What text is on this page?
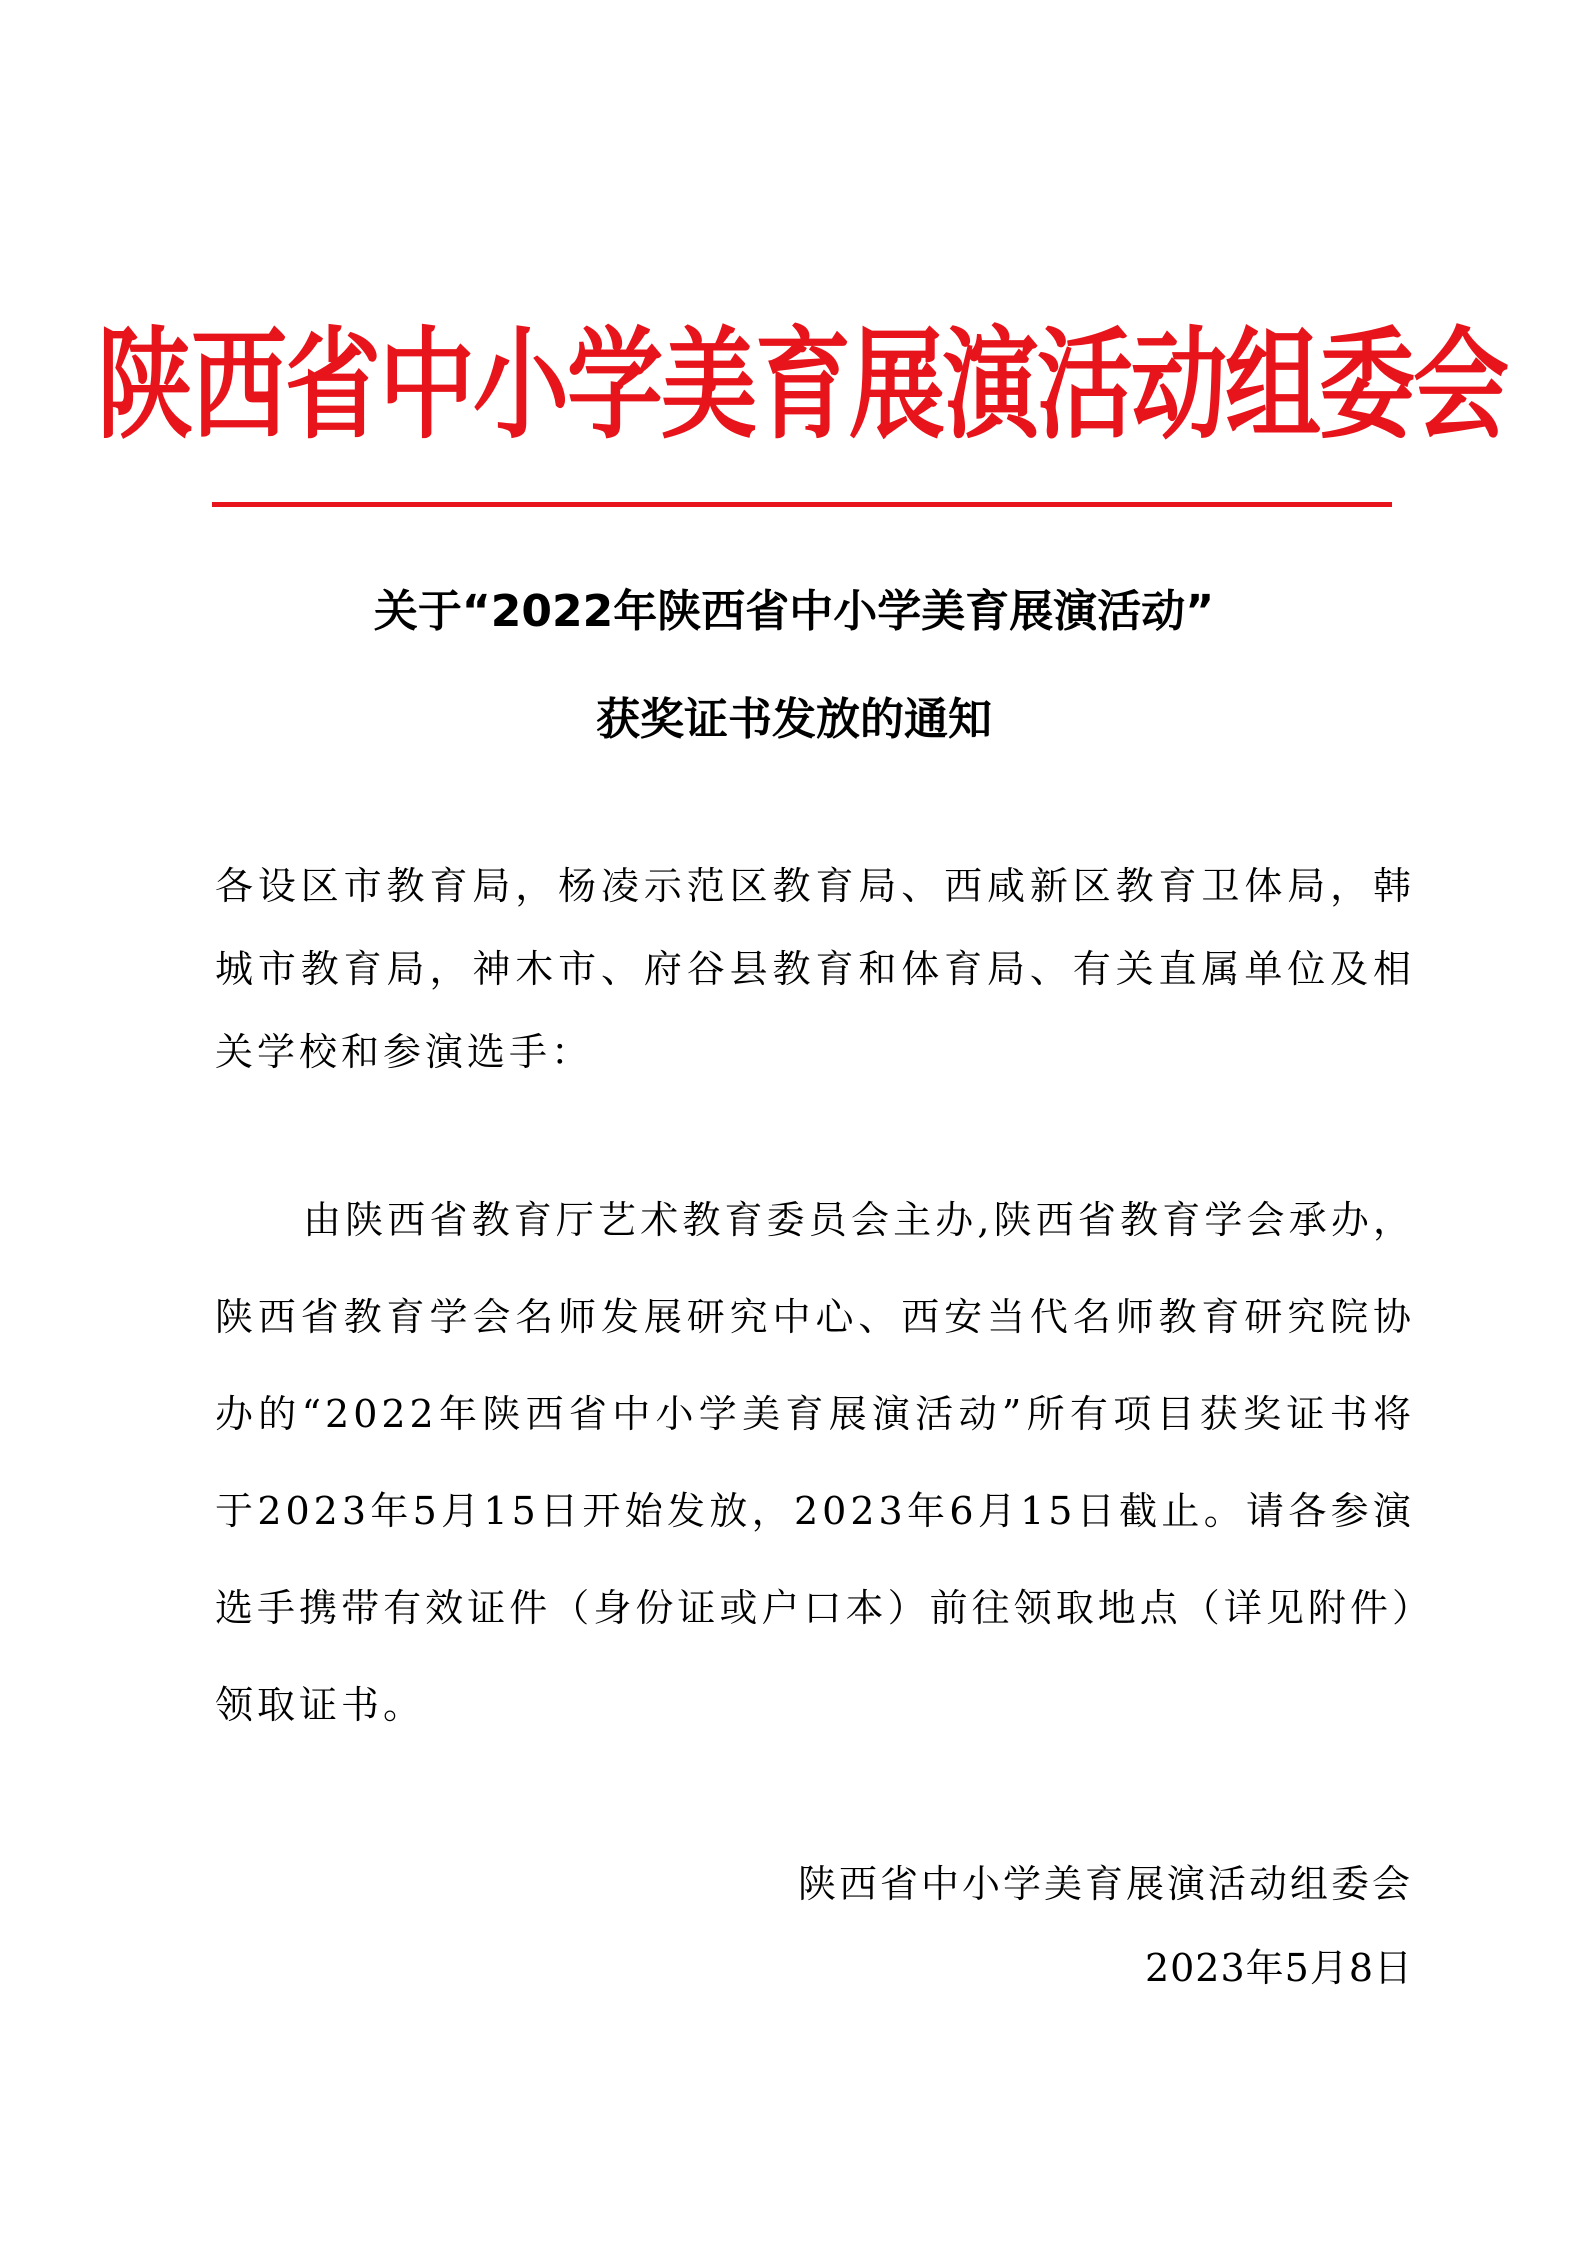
陕西省中小学美育展演活动组委会
关于“2022年陕西省中小学美育展演活动”
获奖证书发放的通知
各设区市教育局，杨凌示范区教育局、西咸新区教育卫体局，韩城市教育局，神木市、府谷县教育和体育局、有关直属单位及相关学校和参演选手：
由陕西省教育厅艺术教育委员会主办,陕西省教育学会承办，陕西省教育学会名师发展研究中心、西安当代名师教育研究院协办的“2022年陕西省中小学美育展演活动”所有项目获奖证书将于2023年5月15日开始发放，2023年6月15日截止。请各参演选手携带有效证件（身份证或户口本）前往领取地点（详见附件）领取证书。
陕西省中小学美育展演活动组委会
2023年5月8日
